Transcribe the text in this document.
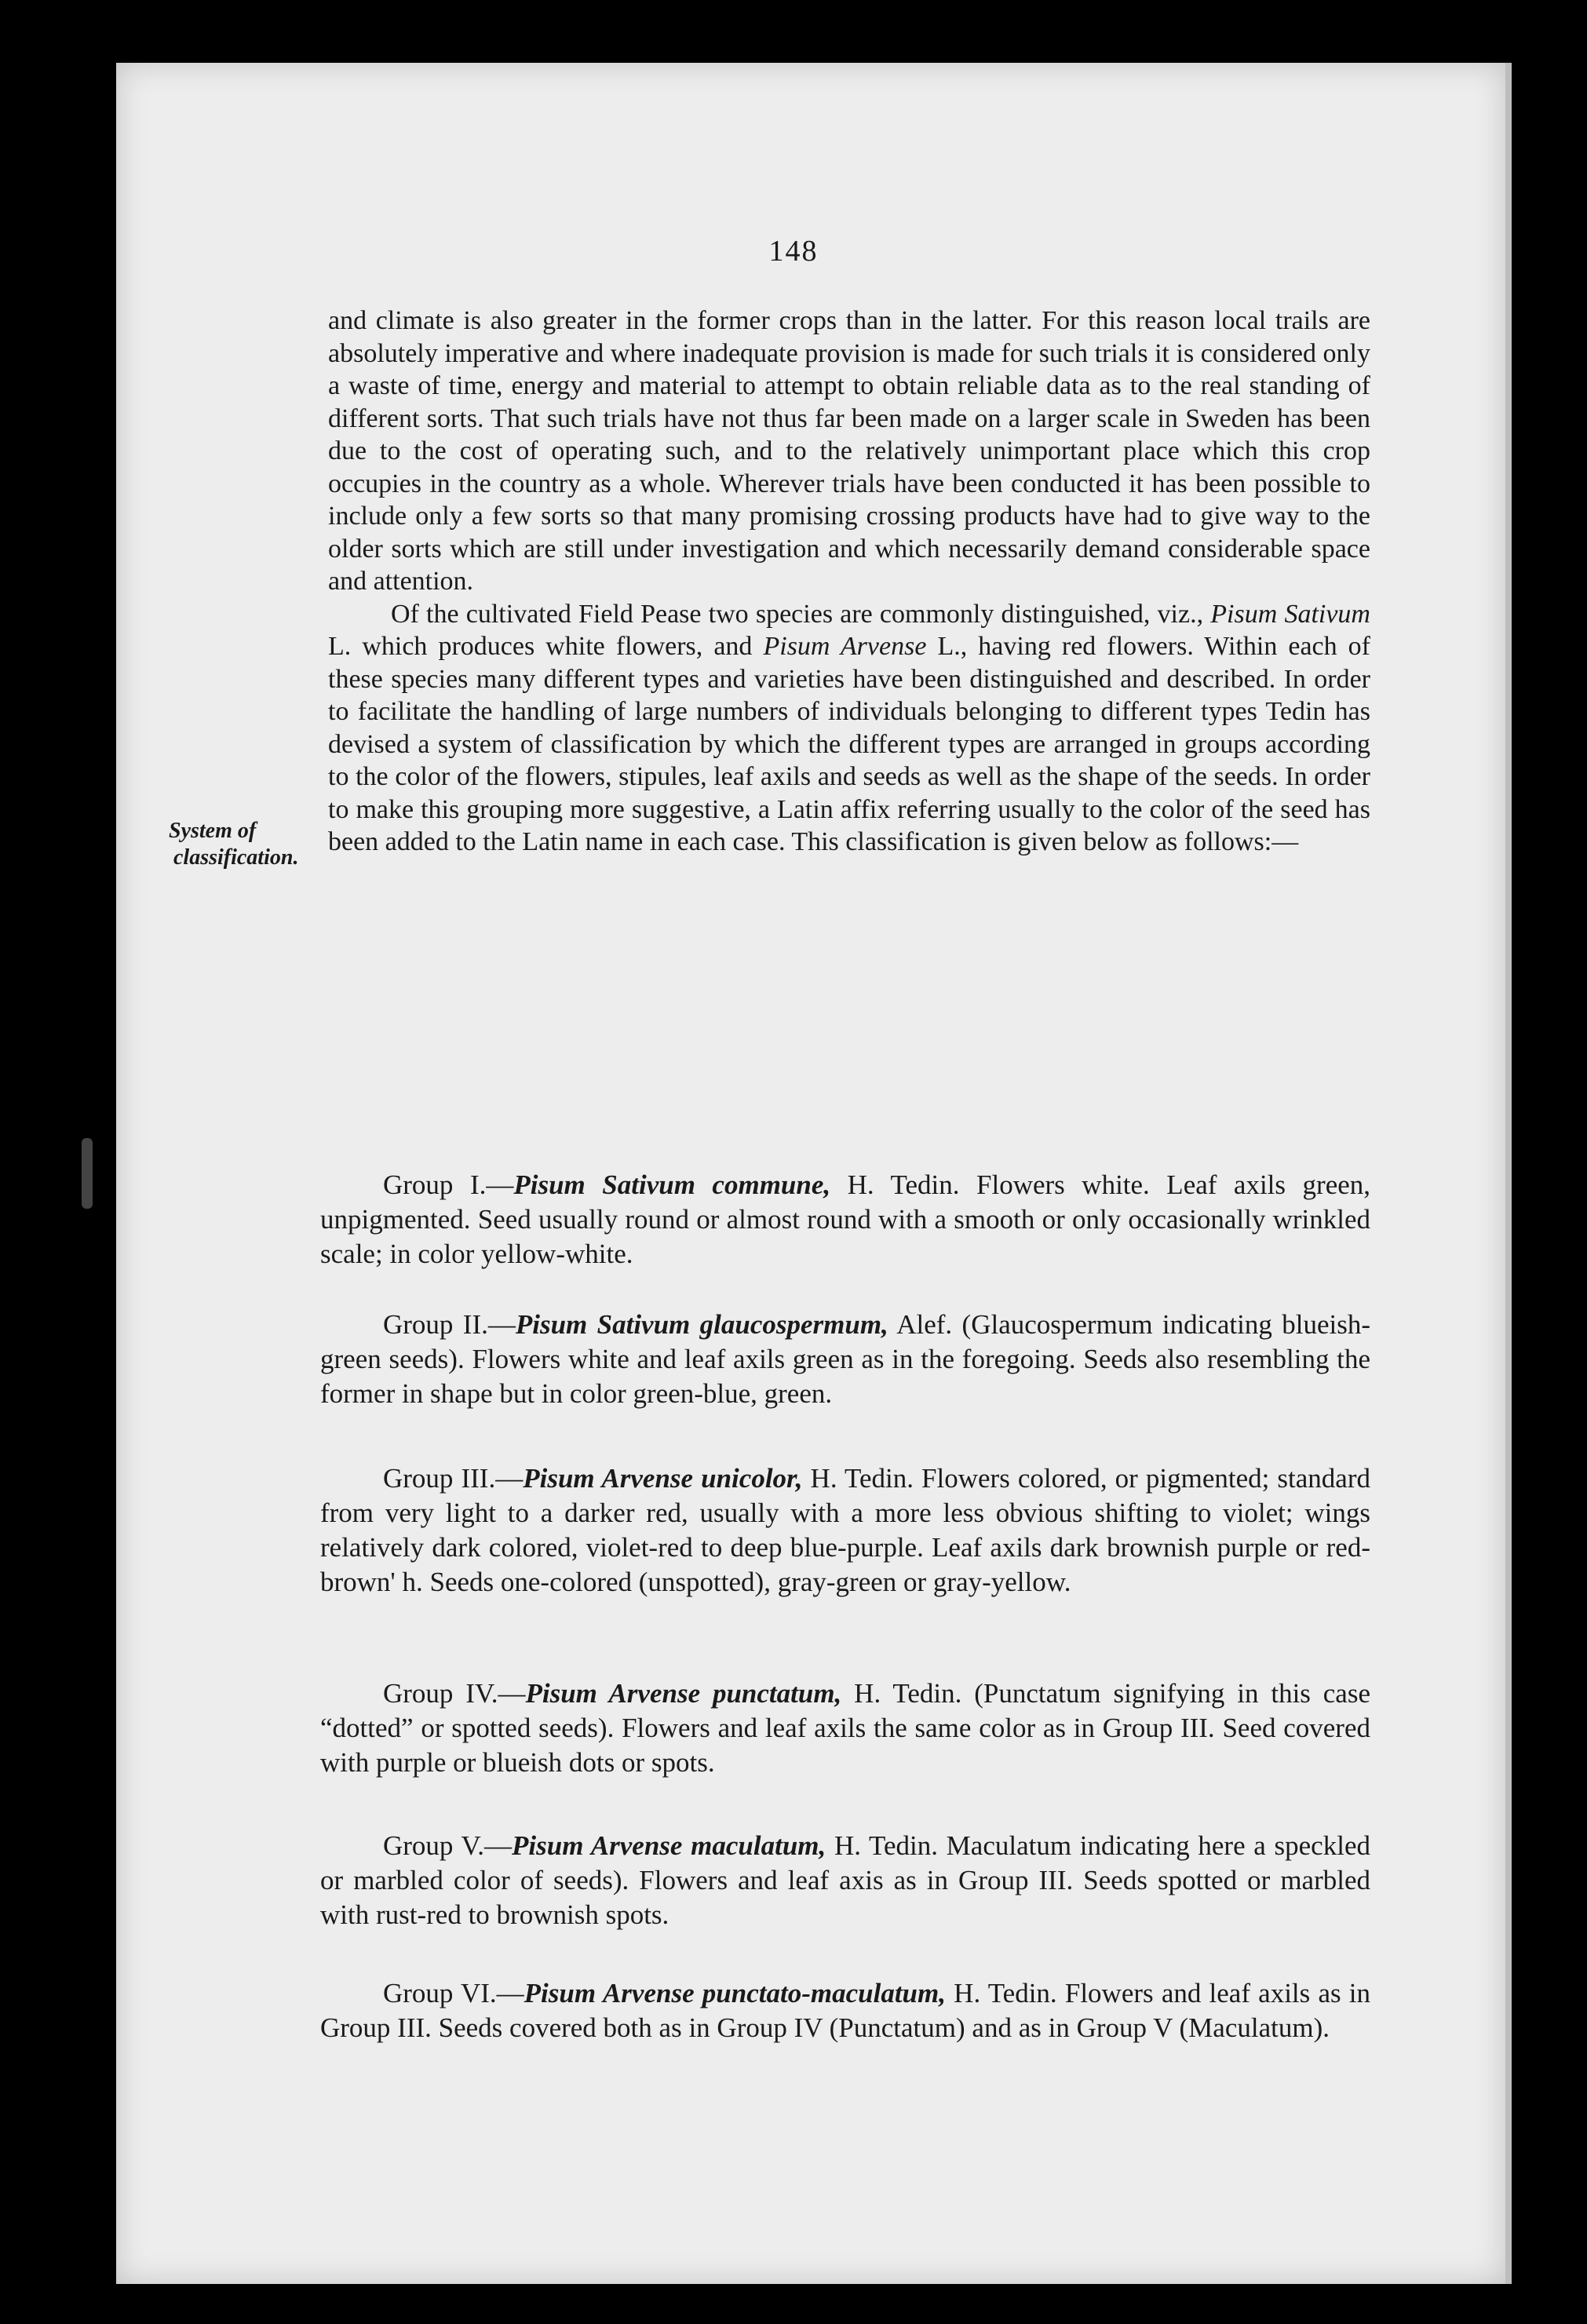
148

and climate is also greater in the former crops than in the latter. For this reason local trails are absolutely imperative and where inadequate provision is made for such trials it is considered only a waste of time, energy and material to attempt to obtain reliable data as to the real standing of different sorts. That such trials have not thus far been made on a larger scale in Sweden has been due to the cost of operating such, and to the relatively unimportant place which this crop occupies in the country as a whole. Wherever trials have been conducted it has been possible to include only a few sorts so that many promising crossing products have had to give way to the older sorts which are still under investigation and which necessarily demand considerable space and attention.

Of the cultivated Field Pease two species are commonly distinguished, viz., Pisum Sativum L. which produces white flowers, and Pisum Arvense L., having red flowers. Within each of these species many different types and varieties have been distinguished and described. In order to facilitate the handling of large numbers of individuals belonging to different types Tedin has devised a system of classification by which the different types are arranged in groups according to the color of the flowers, stipules, leaf axils and seeds as well as the shape of the seeds. In order to make this grouping more suggestive, a Latin affix referring usually to the color of the seed has been added to the Latin name in each case. This classification is given below as follows:—

System of
classification.

Group I.—Pisum Sativum commune, H. Tedin. Flowers white. Leaf axils green, unpigmented. Seed usually round or almost round with a smooth or only occasionally wrinkled scale; in color yellow-white.

Group II.—Pisum Sativum glaucospermum, Alef. (Glaucospermum indicating blueish-green seeds). Flowers white and leaf axils green as in the foregoing. Seeds also resembling the former in shape but in color green-blue, green.

Group III.—Pisum Arvense unicolor, H. Tedin. Flowers colored, or pigmented; standard from very light to a darker red, usually with a more less obvious shifting to violet; wings relatively dark colored, violet-red to deep blue-purple. Leaf axils dark brownish purple or red-brown' h. Seeds one-colored (unspotted), gray-green or gray-yellow.

Group IV.—Pisum Arvense punctatum, H. Tedin. (Punctatum signifying in this case “dotted” or spotted seeds). Flowers and leaf axils the same color as in Group III. Seed covered with purple or blueish dots or spots.

Group V.—Pisum Arvense maculatum, H. Tedin. Maculatum indicating here a speckled or marbled color of seeds). Flowers and leaf axis as in Group III. Seeds spotted or marbled with rust-red to brownish spots.

Group VI.—Pisum Arvense punctato-maculatum, H. Tedin. Flowers and leaf axils as in Group III. Seeds covered both as in Group IV (Punctatum) and as in Group V (Maculatum).
